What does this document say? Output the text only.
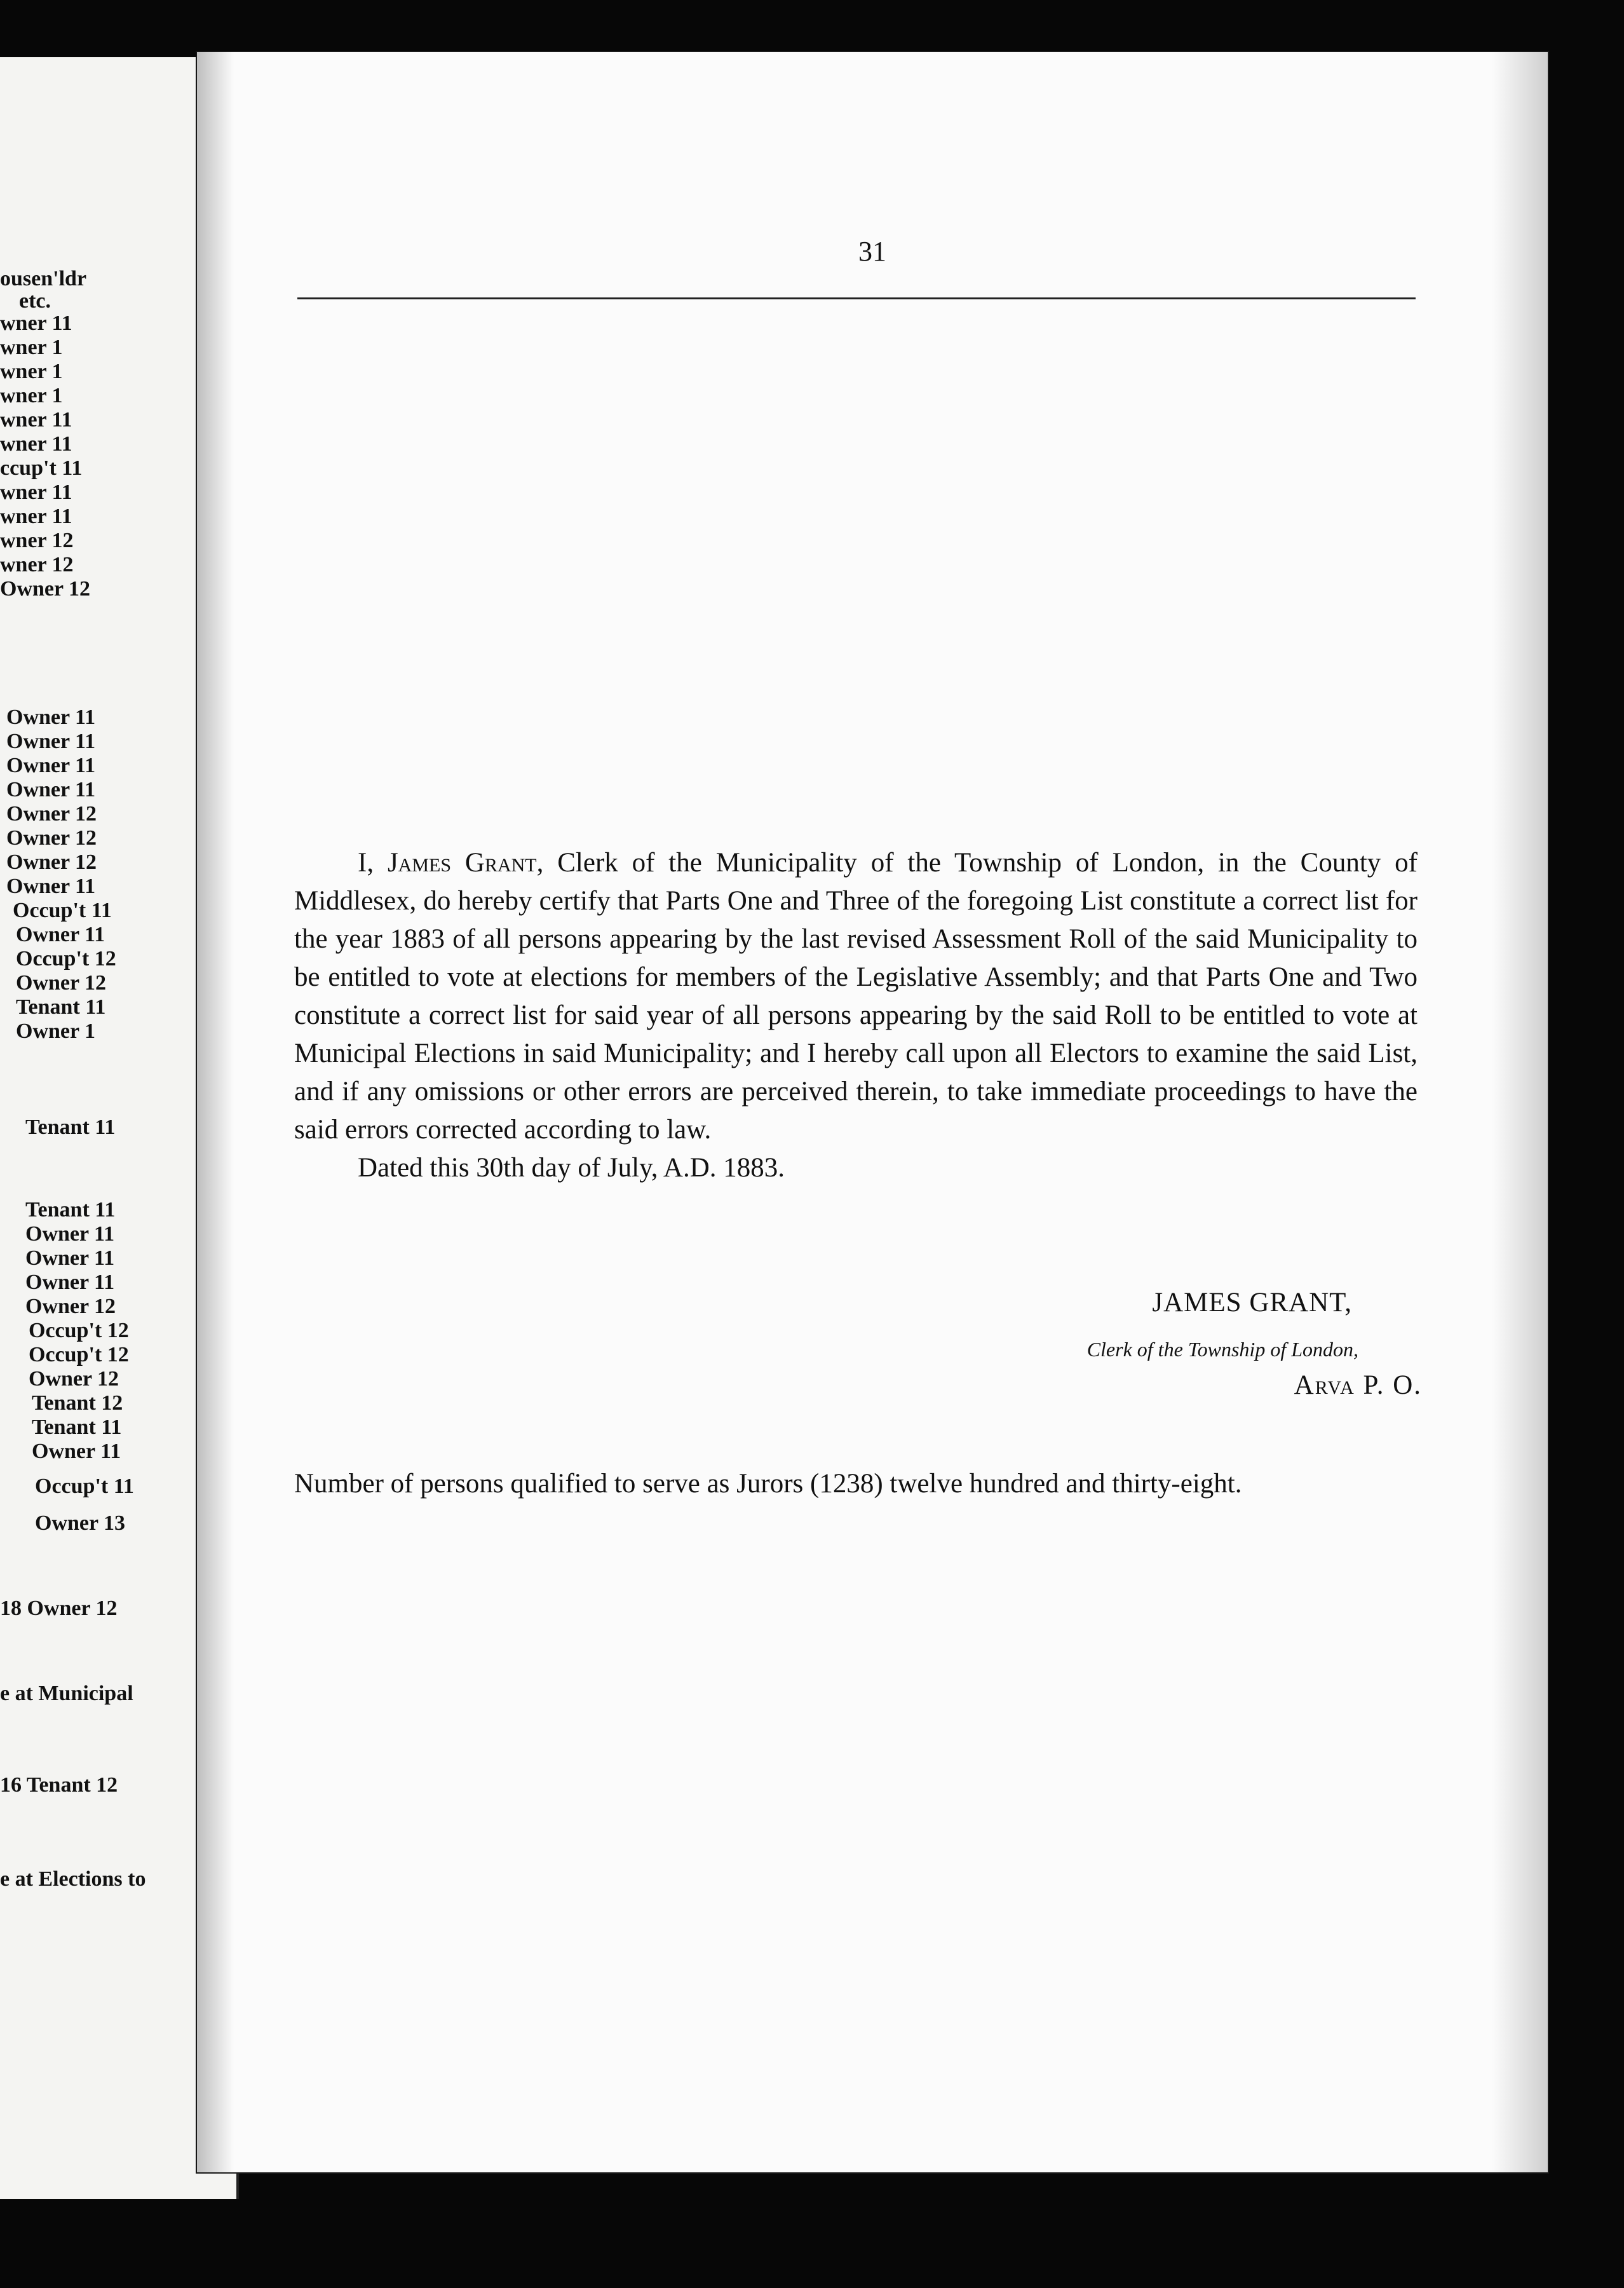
ousen'ldr
etc.
wner 11
wner 1
wner 1
wner 1
wner 11
wner 11
ccup't 11
wner 11
wner 11
wner 12
wner 12
Owner 12
Owner 11
Owner 11
Owner 11
Owner 11
Owner 12
Owner 12
Owner 12
Owner 11
Occup't 11
Owner 11
Occup't 12
Owner 12
Tenant 11
Owner 1
Tenant 11
Tenant 11
Owner 11
Owner 11
Owner 11
Owner 12
Occup't 12
Occup't 12
Owner 12
Tenant 12
Tenant 11
Owner 11
Occup't 11
Owner 13
18 Owner 12
e at Municipal
16 Tenant 12
e at Elections to
31

I, James Grant, Clerk of the Municipality of the Township of London, in the County of Middlesex, do hereby certify that Parts One and Three of the foregoing List constitute a correct list for the year 1883 of all persons appearing by the last revised Assessment Roll of the said Municipality to be entitled to vote at elections for members of the Legislative Assembly; and that Parts One and Two constitute a correct list for said year of all persons appearing by the said Roll to be entitled to vote at Municipal Elections in said Municipality; and I hereby call upon all Electors to examine the said List, and if any omissions or other errors are perceived therein, to take immediate proceedings to have the said errors corrected according to law.

Dated this 30th day of July, A.D. 1883.

JAMES GRANT,
Clerk of the Township of London,
Arva P. O.
Number of persons qualified to serve as Jurors (1238) twelve hundred and thirty-eight.
